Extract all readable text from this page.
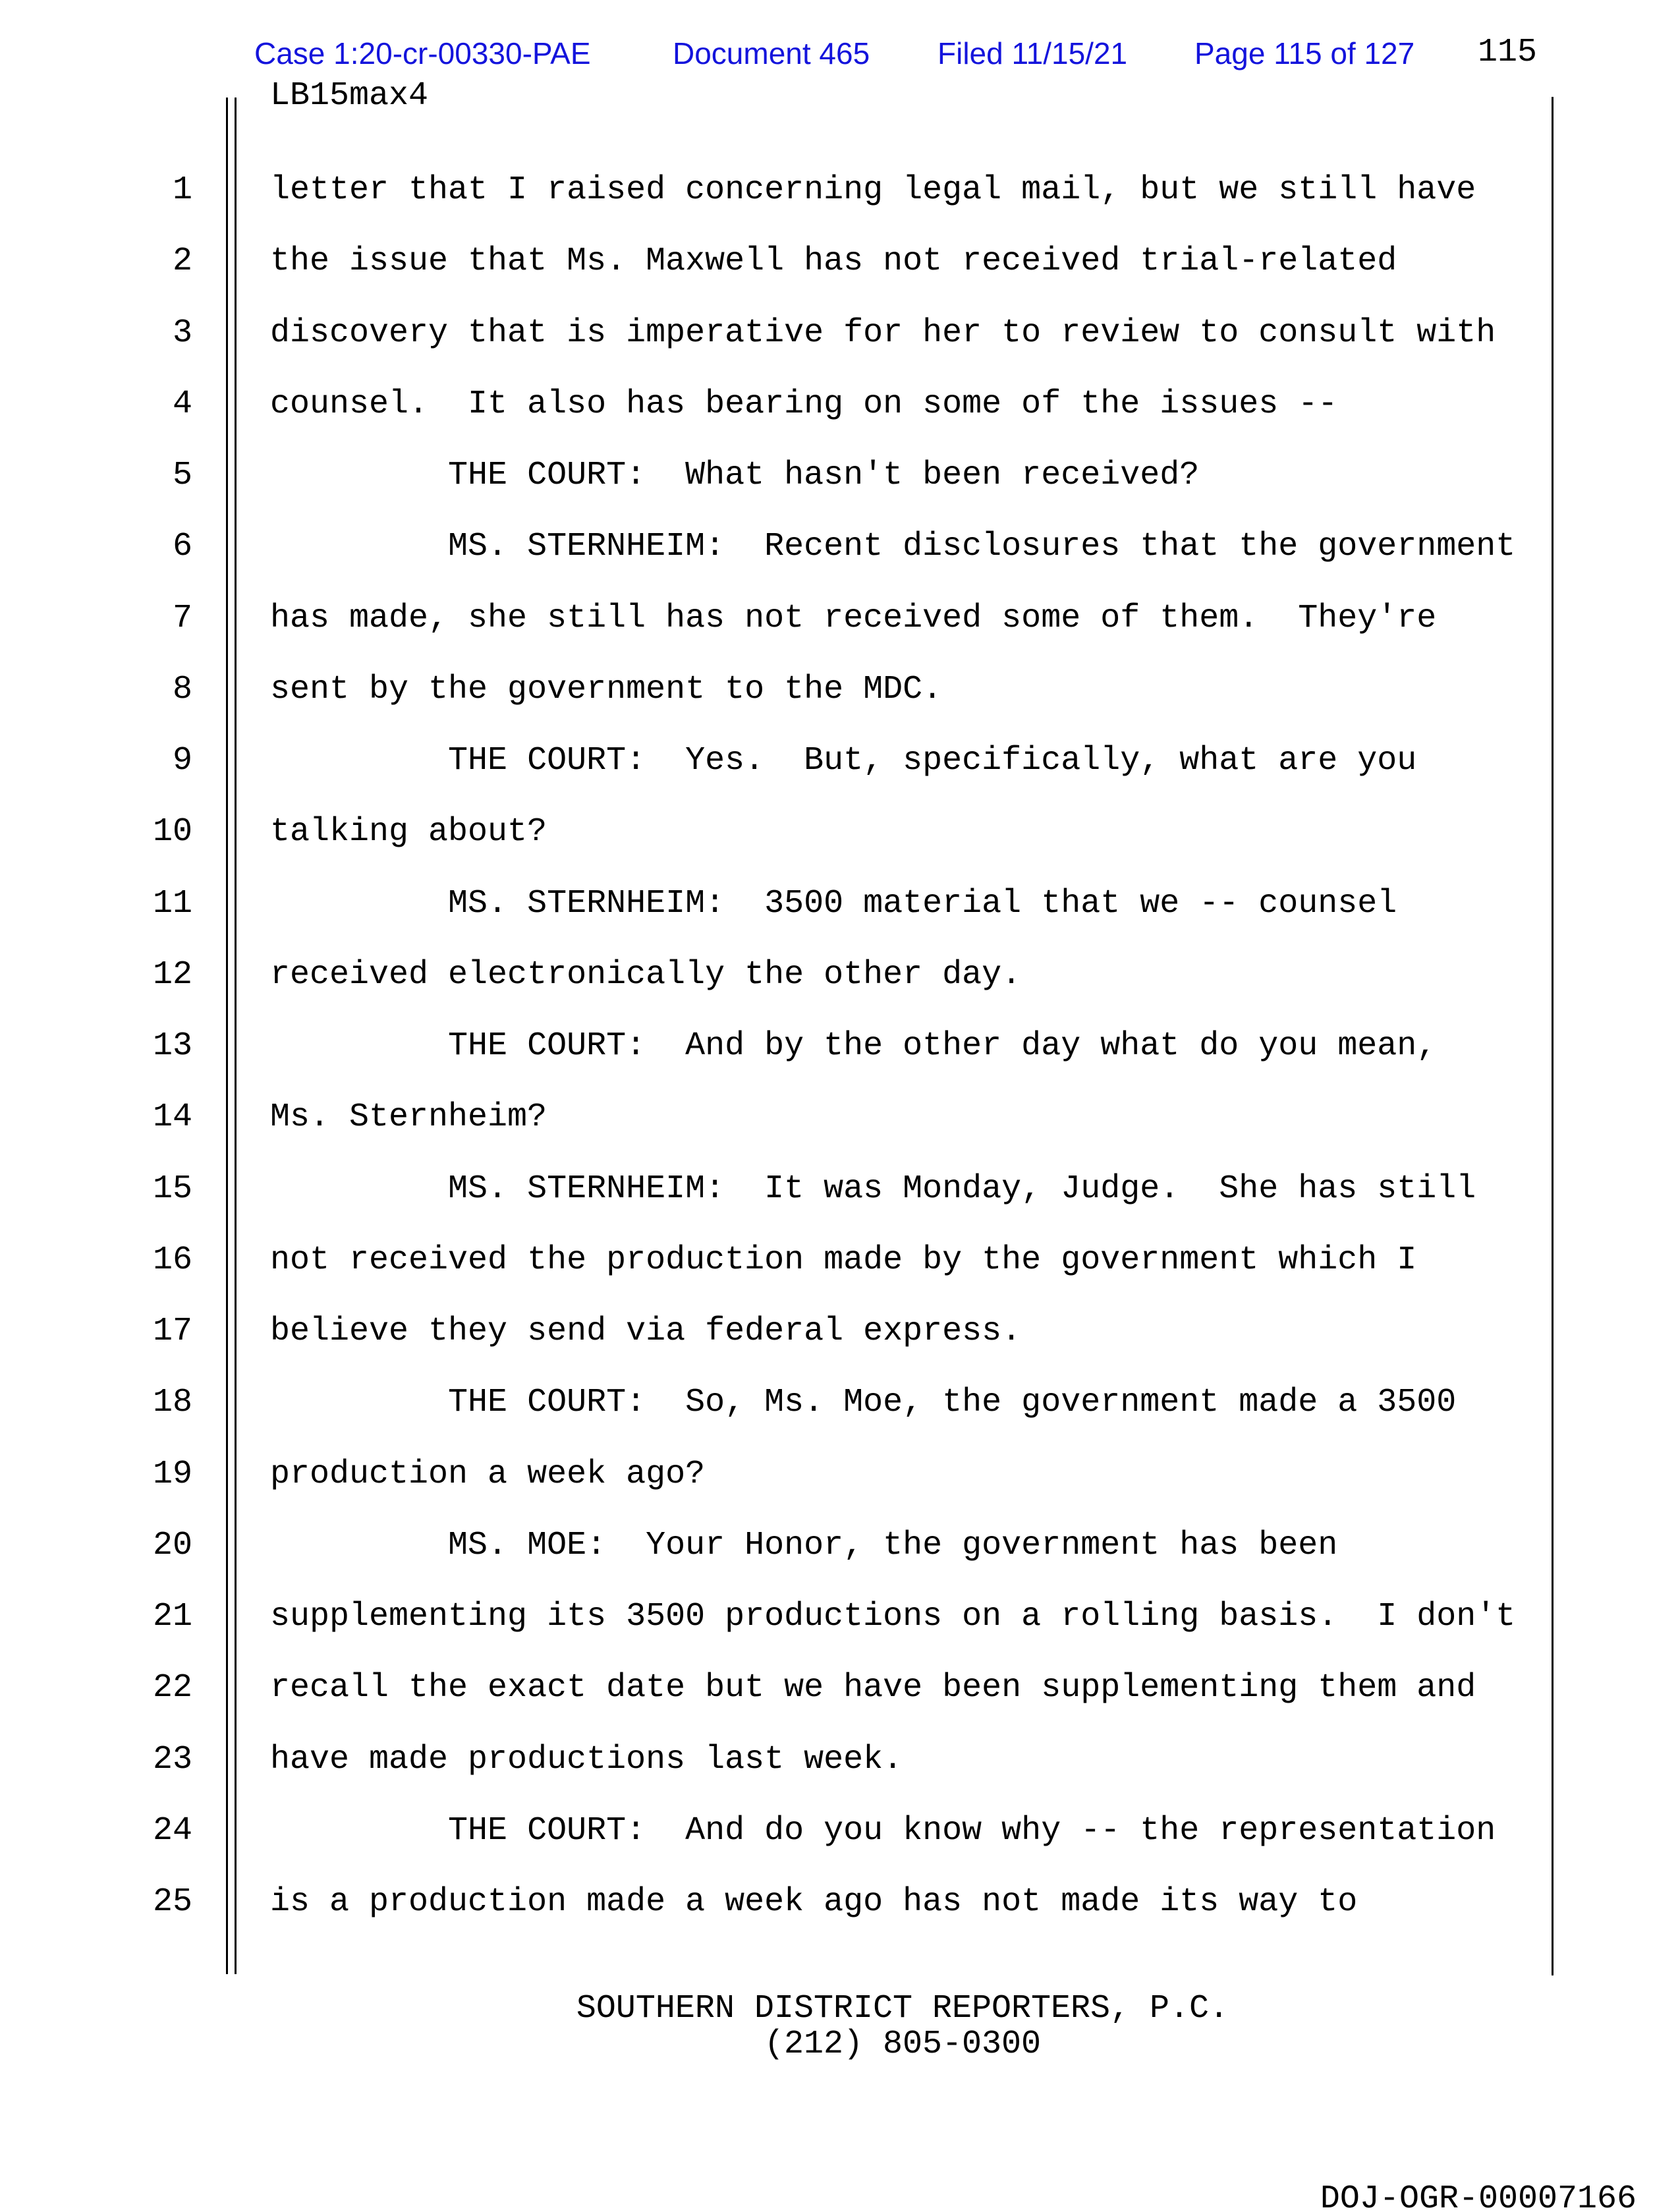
Case 1:20-cr-00330-PAE	Document 465 Filed 11/15/21 Page 115 of 127 115
LB15max4
1 letter that I raised concerning legal mail, but we still have
2 the issue that Ms. Maxwell has not received trial-related
3 discovery that is imperative for her to review to consult with
4 counsel.  It also has bearing on some of the issues --
5 THE COURT:  What hasn't been received?
6 MS. STERNHEIM:  Recent disclosures that the government
7 has made, she still has not received some of them.  They're
8 sent by the government to the MDC.
9 THE COURT:  Yes.  But, specifically, what are you
10 talking about?
11 MS. STERNHEIM:  3500 material that we -- counsel
12 received electronically the other day.
13 THE COURT:  And by the other day what do you mean,
14 Ms. Sternheim?
15 MS. STERNHEIM:  It was Monday, Judge.  She has still
16 not received the production made by the government which I
17 believe they send via federal express.
18 THE COURT:  So, Ms. Moe, the government made a 3500
19 production a week ago?
20 MS. MOE:  Your Honor, the government has been
21 supplementing its 3500 productions on a rolling basis.  I don't
22 recall the exact date but we have been supplementing them and
23 have made productions last week.
24 THE COURT:  And do you know why -- the representation
25 is a production made a week ago has not made its way to
SOUTHERN DISTRICT REPORTERS, P.C.
(212) 805-0300
DOJ-OGR-00007166
